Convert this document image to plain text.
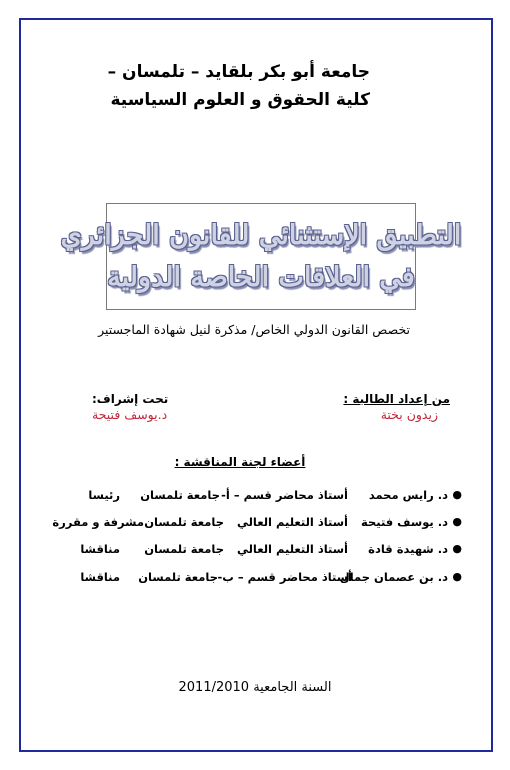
جامعة أبو بكر بلقايد – تلمسان –
كلية الحقوق و العلوم السياسية
التطبيق الإستثنائي للقانون الجزائري
في العلاقات الخاصة الدولية
تخصص القانون الدولي الخاص/ مذكرة لنيل شهادة الماجستير
من إعداد الطالبة :
زيدون بختة
تحت إشراف:
د.يوسف فتيحة
أعضاء لجنة المناقشة :
●
د. رايس محمد
أستاذ محاضر قسم – أ-
جامعة تلمسان
رئيسا
●
د. يوسف فتيحة
أستاذ التعليم العالي
جامعة تلمسان
مشرفة و مقررة
●
د. شهيدة قادة
أستاذ التعليم العالي
جامعة تلمسان
مناقشا
●
د. بن عصمان جمال
أستاذ محاضر قسم – ب-
جامعة تلمسان
مناقشا
السنة الجامعية 2011/2010
